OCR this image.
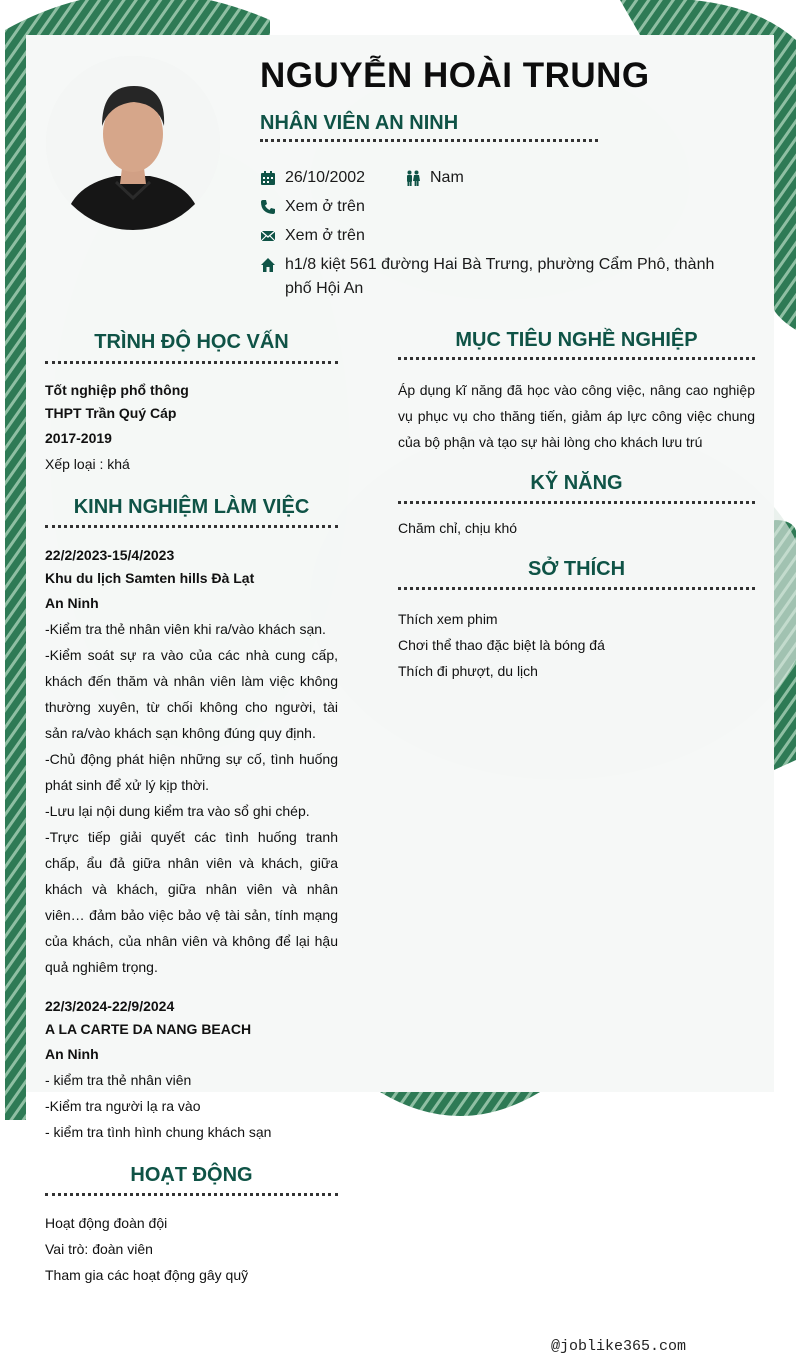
NGUYỄN HOÀI TRUNG
NHÂN VIÊN AN NINH
26/10/2002	Nam
Xem ở trên
Xem ở trên
h1/8 kiệt 561 đường Hai Bà Trưng, phường Cẩm Phô, thành phố Hội An
TRÌNH ĐỘ HỌC VẤN
Tốt nghiệp phổ thông
THPT Trần Quý Cáp
2017-2019
Xếp loại : khá
KINH NGHIỆM LÀM VIỆC
22/2/2023-15/4/2023
Khu du lịch Samten hills Đà Lạt
An Ninh
-Kiểm tra thẻ nhân viên khi ra/vào khách sạn.
-Kiểm soát sự ra vào của các nhà cung cấp, khách đến thăm và nhân viên làm việc không thường xuyên, từ chối không cho người, tài sản ra/vào khách sạn không đúng quy định.
-Chủ động phát hiện những sự cố, tình huống phát sinh để xử lý kịp thời.
-Lưu lại nội dung kiểm tra vào sổ ghi chép.
-Trực tiếp giải quyết các tình huống tranh chấp, ẩu đả giữa nhân viên và khách, giữa khách và khách, giữa nhân viên và nhân viên… đảm bảo việc bảo vệ tài sản, tính mạng của khách, của nhân viên và không để lại hậu quả nghiêm trọng.
22/3/2024-22/9/2024
A LA CARTE DA NANG BEACH
An Ninh
- kiểm tra thẻ nhân viên
-Kiểm tra người lạ ra vào
- kiểm tra tình hình chung khách sạn
HOẠT ĐỘNG
Hoạt động đoàn đội
Vai trò: đoàn viên
Tham gia các hoạt động gây quỹ
MỤC TIÊU NGHỀ NGHIỆP
Áp dụng kĩ năng đã học vào công việc, nâng cao nghiệp vụ phục vụ cho thăng tiến, giảm áp lực công việc chung của bộ phận và tạo sự hài lòng cho khách lưu trú
KỸ NĂNG
Chăm chỉ, chịu khó
SỞ THÍCH
Thích xem phim
Chơi thể thao đặc biệt là bóng đá
Thích đi phượt, du lịch
@joblike365.com
